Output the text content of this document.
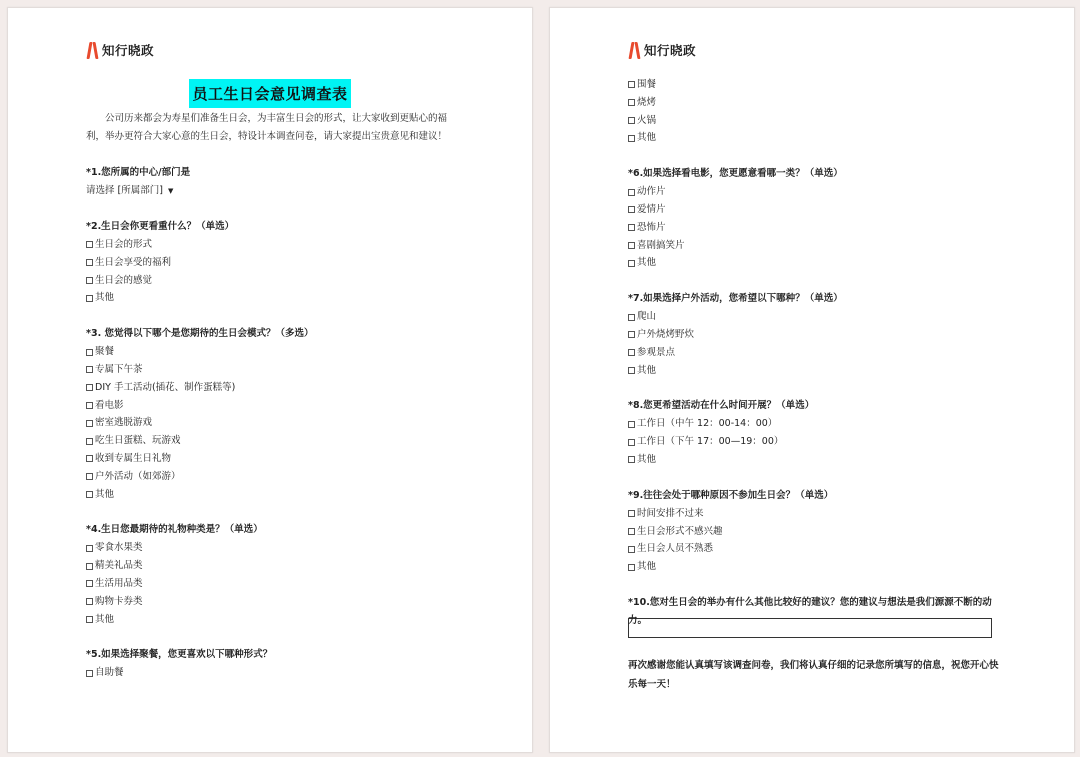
知行晓政
员工生日会意见调查表

公司历来都会为寿星们准备生日会，为丰富生日会的形式，让大家收到更贴心的福利，举办更符合大家心意的生日会，特设计本调查问卷，请大家提出宝贵意见和建议！

*1.您所属的中心/部门是
请选择 [所属部门] ▼
*2.生日会你更看重什么？（单选）
生日会的形式
生日会享受的福利
生日会的感觉
其他
*3. 您觉得以下哪个是您期待的生日会模式？（多选）
聚餐
专属下午茶
DIY 手工活动(插花、制作蛋糕等)
看电影
密室逃脱游戏
吃生日蛋糕、玩游戏
收到专属生日礼物
户外活动（如郊游）
其他
*4.生日您最期待的礼物种类是？（单选）
零食水果类
精美礼品类
生活用品类
购物卡券类
其他
*5.如果选择聚餐，您更喜欢以下哪种形式？
自助餐
知行晓政
围餐
烧烤
火锅
其他
*6.如果选择看电影，您更愿意看哪一类？（单选）
动作片
爱情片
恐怖片
喜剧搞笑片
其他
*7.如果选择户外活动，您希望以下哪种？（单选）
爬山
户外烧烤野炊
参观景点
其他
*8.您更希望活动在什么时间开展？（单选）
工作日（中午 12：00-14：00）
工作日（下午 17：00—19：00）
其他
*9.往往会处于哪种原因不参加生日会？（单选）
时间安排不过来
生日会形式不感兴趣
生日会人员不熟悉
其他
*10.您对生日会的举办有什么其他比较好的建议？您的建议与想法是我们源源不断的动力。
再次感谢您能认真填写该调查问卷，我们将认真仔细的记录您所填写的信息，祝您开心快乐每一天！
